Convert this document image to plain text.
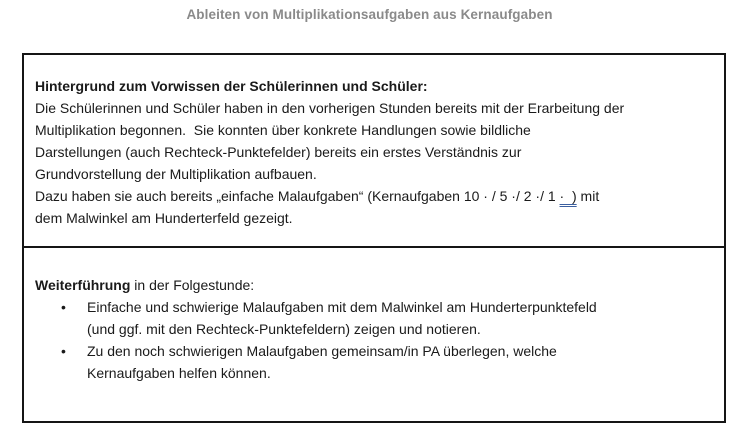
Ableiten von Multiplikationsaufgaben aus Kernaufgaben
Hintergrund zum Vorwissen der Schülerinnen und Schüler:
Die Schülerinnen und Schüler haben in den vorherigen Stunden bereits mit der Erarbeitung der
Multiplikation begonnen.  Sie konnten über konkrete Handlungen sowie bildliche
Darstellungen (auch Rechteck-Punktefelder) bereits ein erstes Verständnis zur
Grundvorstellung der Multiplikation aufbauen.
Dazu haben sie auch bereits „einfache Malaufgaben“ (Kernaufgaben 10 · / 5 ·/ 2 ·/ 1 ·  ) mit
dem Malwinkel am Hunderterfeld gezeigt.
Weiterführung in der Folgestunde:
•	Einfache und schwierige Malaufgaben mit dem Malwinkel am Hunderterpunktefeld
(und ggf. mit den Rechteck-Punktefeldern) zeigen und notieren.
•	Zu den noch schwierigen Malaufgaben gemeinsam/in PA überlegen, welche
Kernaufgaben helfen können.
